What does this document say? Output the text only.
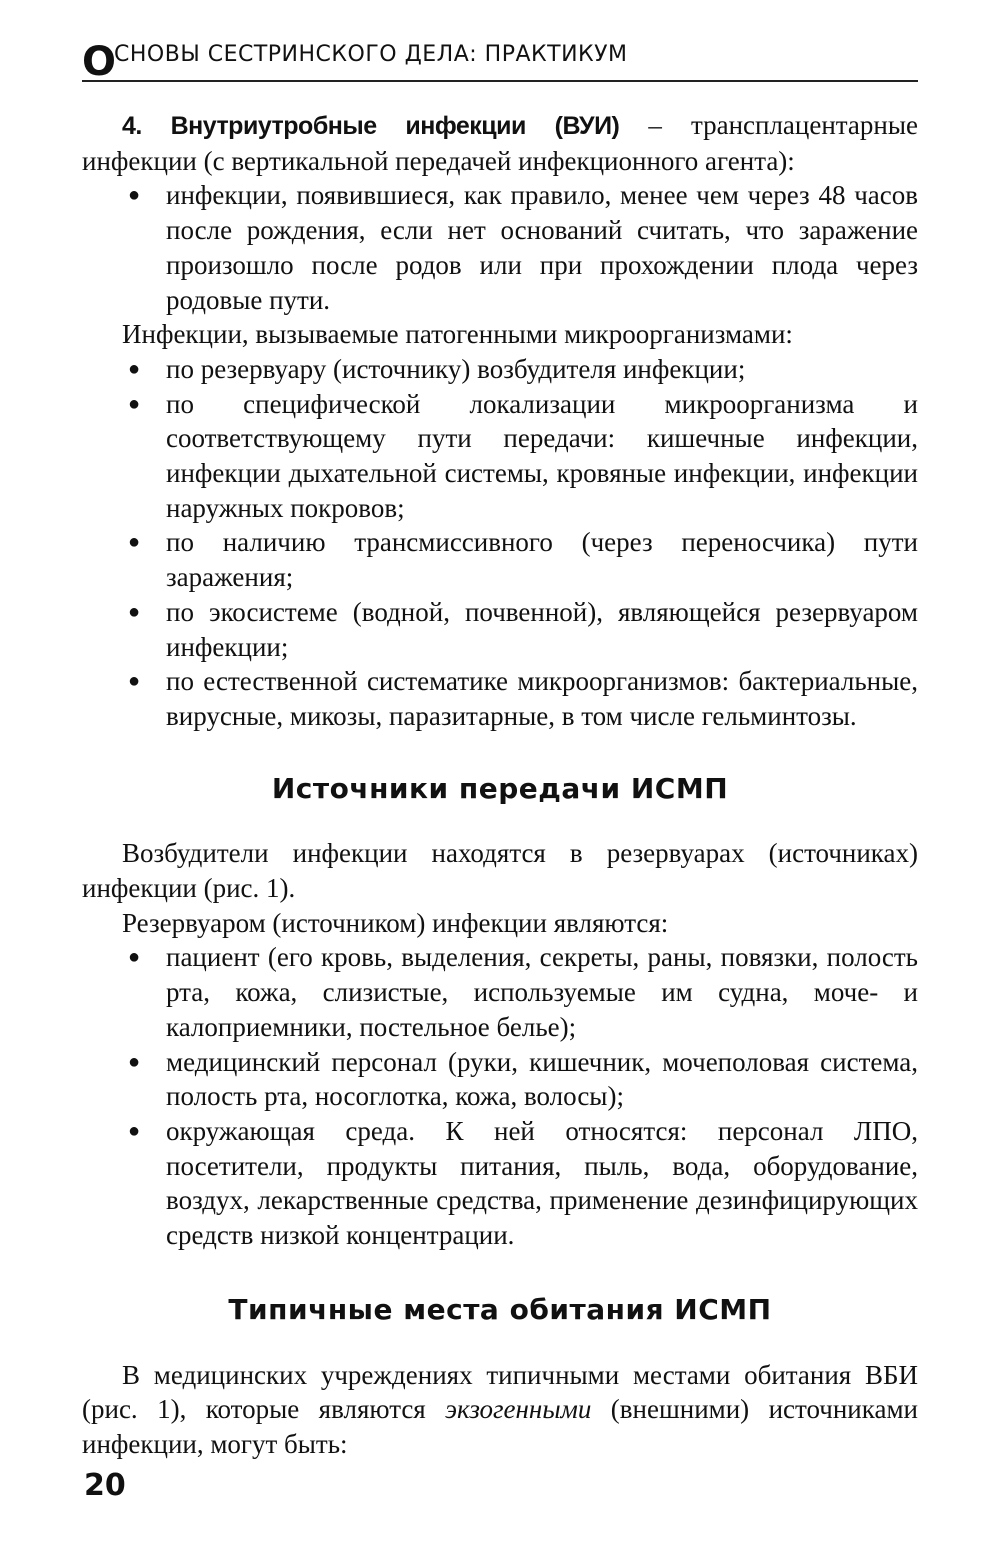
О
СНОВЫ СЕСТРИНСКОГО ДЕЛА: ПРАКТИКУМ

4. Внутриутробные инфекции (ВУИ) – трансплацентарные инфекции (с вертикальной передачей инфекционного агента):

● инфекции, появившиеся, как правило, менее чем через 48 часов после рождения, если нет оснований считать, что заражение произошло после родов или при прохождении плода через родовые пути.

Инфекции, вызываемые патогенными микроорганизмами:

● по резервуару (источнику) возбудителя инфекции;
● по специфической локализации микроорганизма и соответствующему пути передачи: кишечные инфекции, инфекции дыхательной системы, кровяные инфекции, инфекции наружных покровов;
● по наличию трансмиссивного (через переносчика) пути заражения;
● по экосистеме (водной, почвенной), являющейся резервуаром инфекции;
● по естественной систематике микроорганизмов: бактериальные, вирусные, микозы, паразитарные, в том числе гельминтозы.
Источники передачи ИСМП

Возбудители инфекции находятся в резервуарах (источниках) инфекции (рис. 1).

Резервуаром (источником) инфекции являются:

● пациент (его кровь, выделения, секреты, раны, повязки, полость рта, кожа, слизистые, используемые им судна, моче- и калоприемники, постельное белье);
● медицинский персонал (руки, кишечник, мочеполовая система, полость рта, носоглотка, кожа, волосы);
● окружающая среда. К ней относятся: персонал ЛПО, посетители, продукты питания, пыль, вода, оборудование, воздух, лекарственные средства, применение дезинфицирующих средств низкой концентрации.
Типичные места обитания ИСМП

В медицинских учреждениях типичными местами обитания ВБИ (рис. 1), которые являются экзогенными (внешними) источниками инфекции, могут быть:

20
